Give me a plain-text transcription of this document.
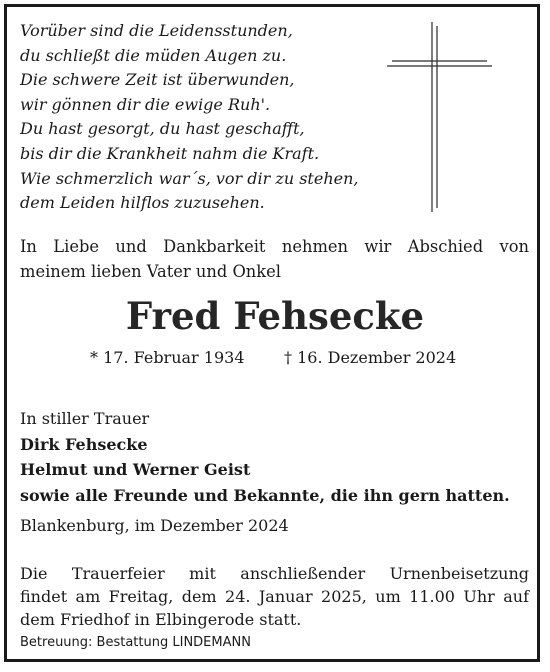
Vorüber sind die Leidensstunden,
du schließt die müden Augen zu.
Die schwere Zeit ist überwunden,
wir gönnen dir die ewige Ruh'.
Du hast gesorgt, du hast geschafft,
bis dir die Krankheit nahm die Kraft.
Wie schmerzlich war´s, vor dir zu stehen,
dem Leiden hilflos zuzusehen.
In Liebe und Dankbarkeit nehmen wir Abschied von
meinem lieben Vater und Onkel
Fred Fehsecke
* 17. Februar 1934 † 16. Dezember 2024
In stiller Trauer
Dirk Fehsecke
Helmut und Werner Geist
sowie alle Freunde und Bekannte, die ihn gern hatten.
Blankenburg, im Dezember 2024
Die Trauerfeier mit anschließender Urnenbeisetzung
findet am Freitag, dem 24. Januar 2025, um 11.00 Uhr auf
dem Friedhof in Elbingerode statt.
Betreuung: Bestattung LINDEMANN
